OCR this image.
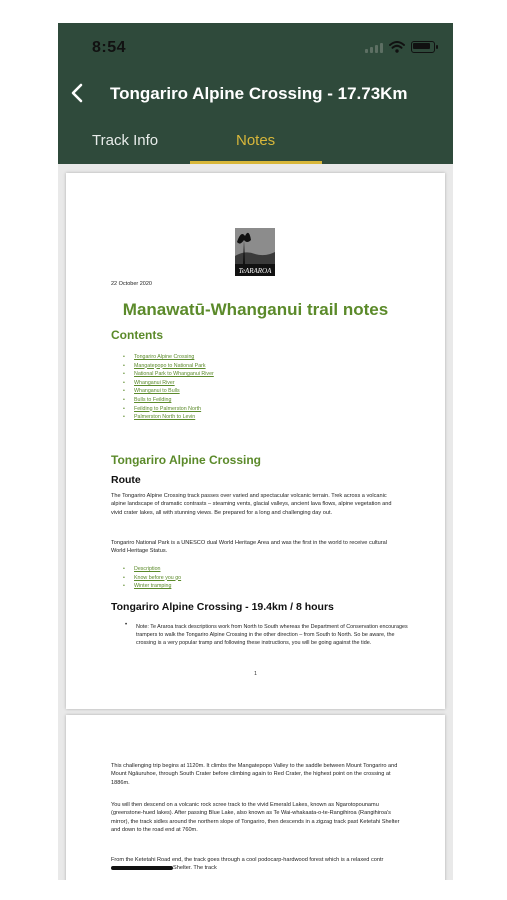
8:54
Tongariro Alpine Crossing - 17.73Km
Track Info	Notes
TeARAROA
22 October 2020
Manawatū-Whanganui trail notes
Contents
• Tongariro Alpine Crossing
• Mangatepopo to National Park
• National Park to Whanganui River
• Whanganui River
• Whanganui to Bulls
• Bulls to Feilding
• Feilding to Palmerston North
• Palmerston North to Levin
Tongariro Alpine Crossing
Route

The Tongariro Alpine Crossing track passes over varied and spectacular volcanic terrain. Trek across a volcanic alpine landscape of dramatic contrasts – steaming vents, glacial valleys, ancient lava flows, alpine vegetation and vivid crater lakes, all with stunning views. Be prepared for a long and challenging day out.

Tongariro National Park is a UNESCO dual World Heritage Area and was the first in the world to receive cultural World Heritage Status.

• Description
• Know before you go
• Winter tramping
Tongariro Alpine Crossing - 19.4km / 8 hours
• Note: Te Araroa track descriptions work from North to South whereas the Department of Conservation encourages trampers to walk the Tongariro Alpine Crossing in the other direction – from South to North. So be aware, the crossing is a very popular tramp and following these instructions, you will be going against the tide.

1

This challenging trip begins at 1120m. It climbs the Mangatepopo Valley to the saddle between Mount Tongariro and Mount Ngāuruhoe, through South Crater before climbing again to Red Crater, the highest point on the crossing at 1886m.

You will then descend on a volcanic rock scree track to the vivid Emerald Lakes, known as Ngarotopounamu (greenstone-hued lakes). After passing Blue Lake, also known as Te Wai-whakaata-o-te-Rangihiroa (Rangihiroa's mirror), the track sidles around the northern slope of Tongariro, then descends in a zigzag track past Ketetahi Shelter and down to the road end at 760m.

From the Ketetahi Road end, the track goes through a cool podocarp-hardwood forest which is a relaxed contrShelter. The track
